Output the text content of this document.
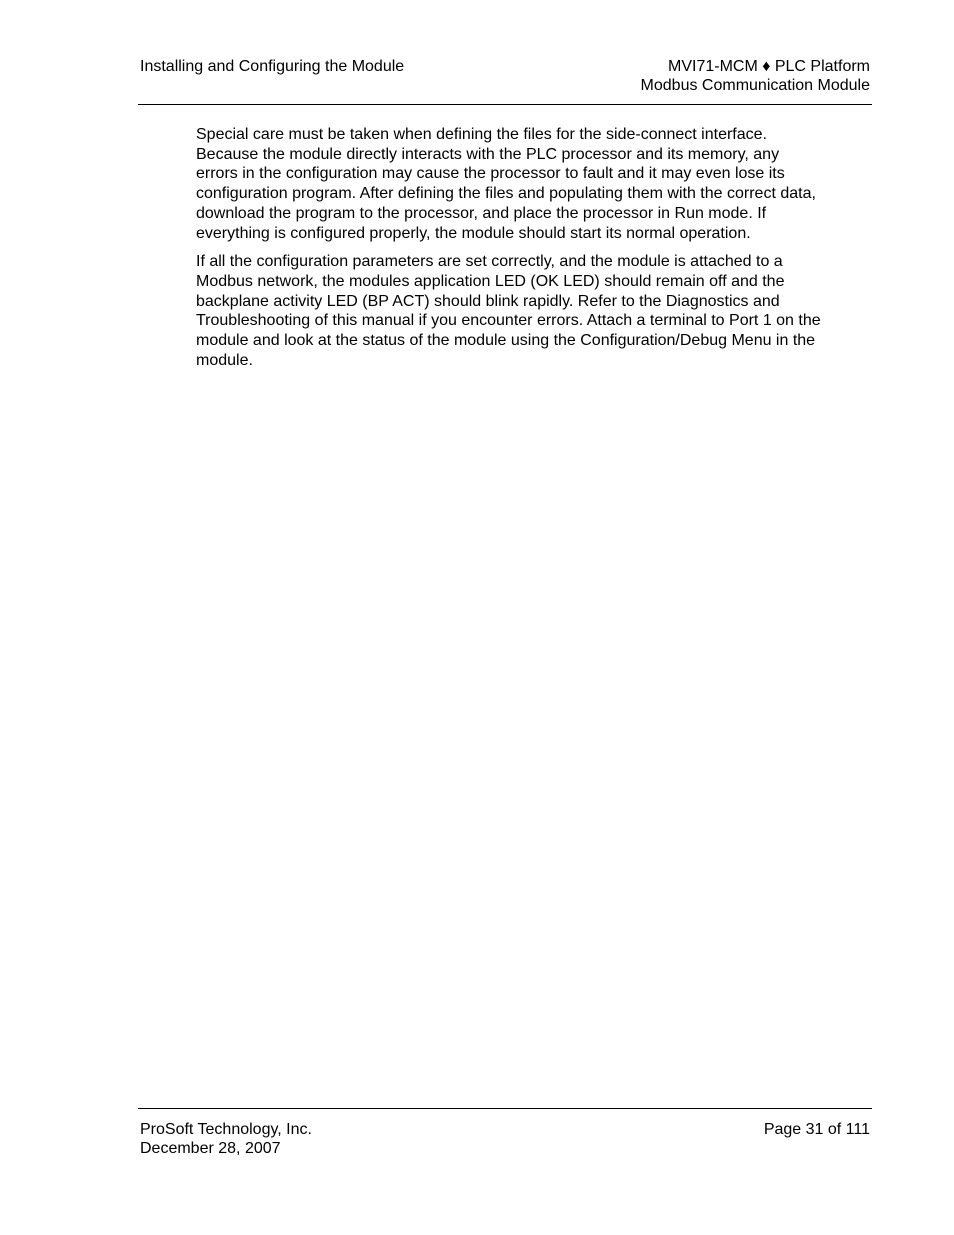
Installing and Configuring the Module	MVI71-MCM ♦ PLC Platform
Modbus Communication Module

Special care must be taken when defining the files for the side-connect interface. Because the module directly interacts with the PLC processor and its memory, any errors in the configuration may cause the processor to fault and it may even lose its configuration program. After defining the files and populating them with the correct data, download the program to the processor, and place the processor in Run mode. If everything is configured properly, the module should start its normal operation.

If all the configuration parameters are set correctly, and the module is attached to a Modbus network, the modules application LED (OK LED) should remain off and the backplane activity LED (BP ACT) should blink rapidly. Refer to the Diagnostics and Troubleshooting of this manual if you encounter errors. Attach a terminal to Port 1 on the module and look at the status of the module using the Configuration/Debug Menu in the module.

ProSoft Technology, Inc.
December 28, 2007
Page 31 of 111
